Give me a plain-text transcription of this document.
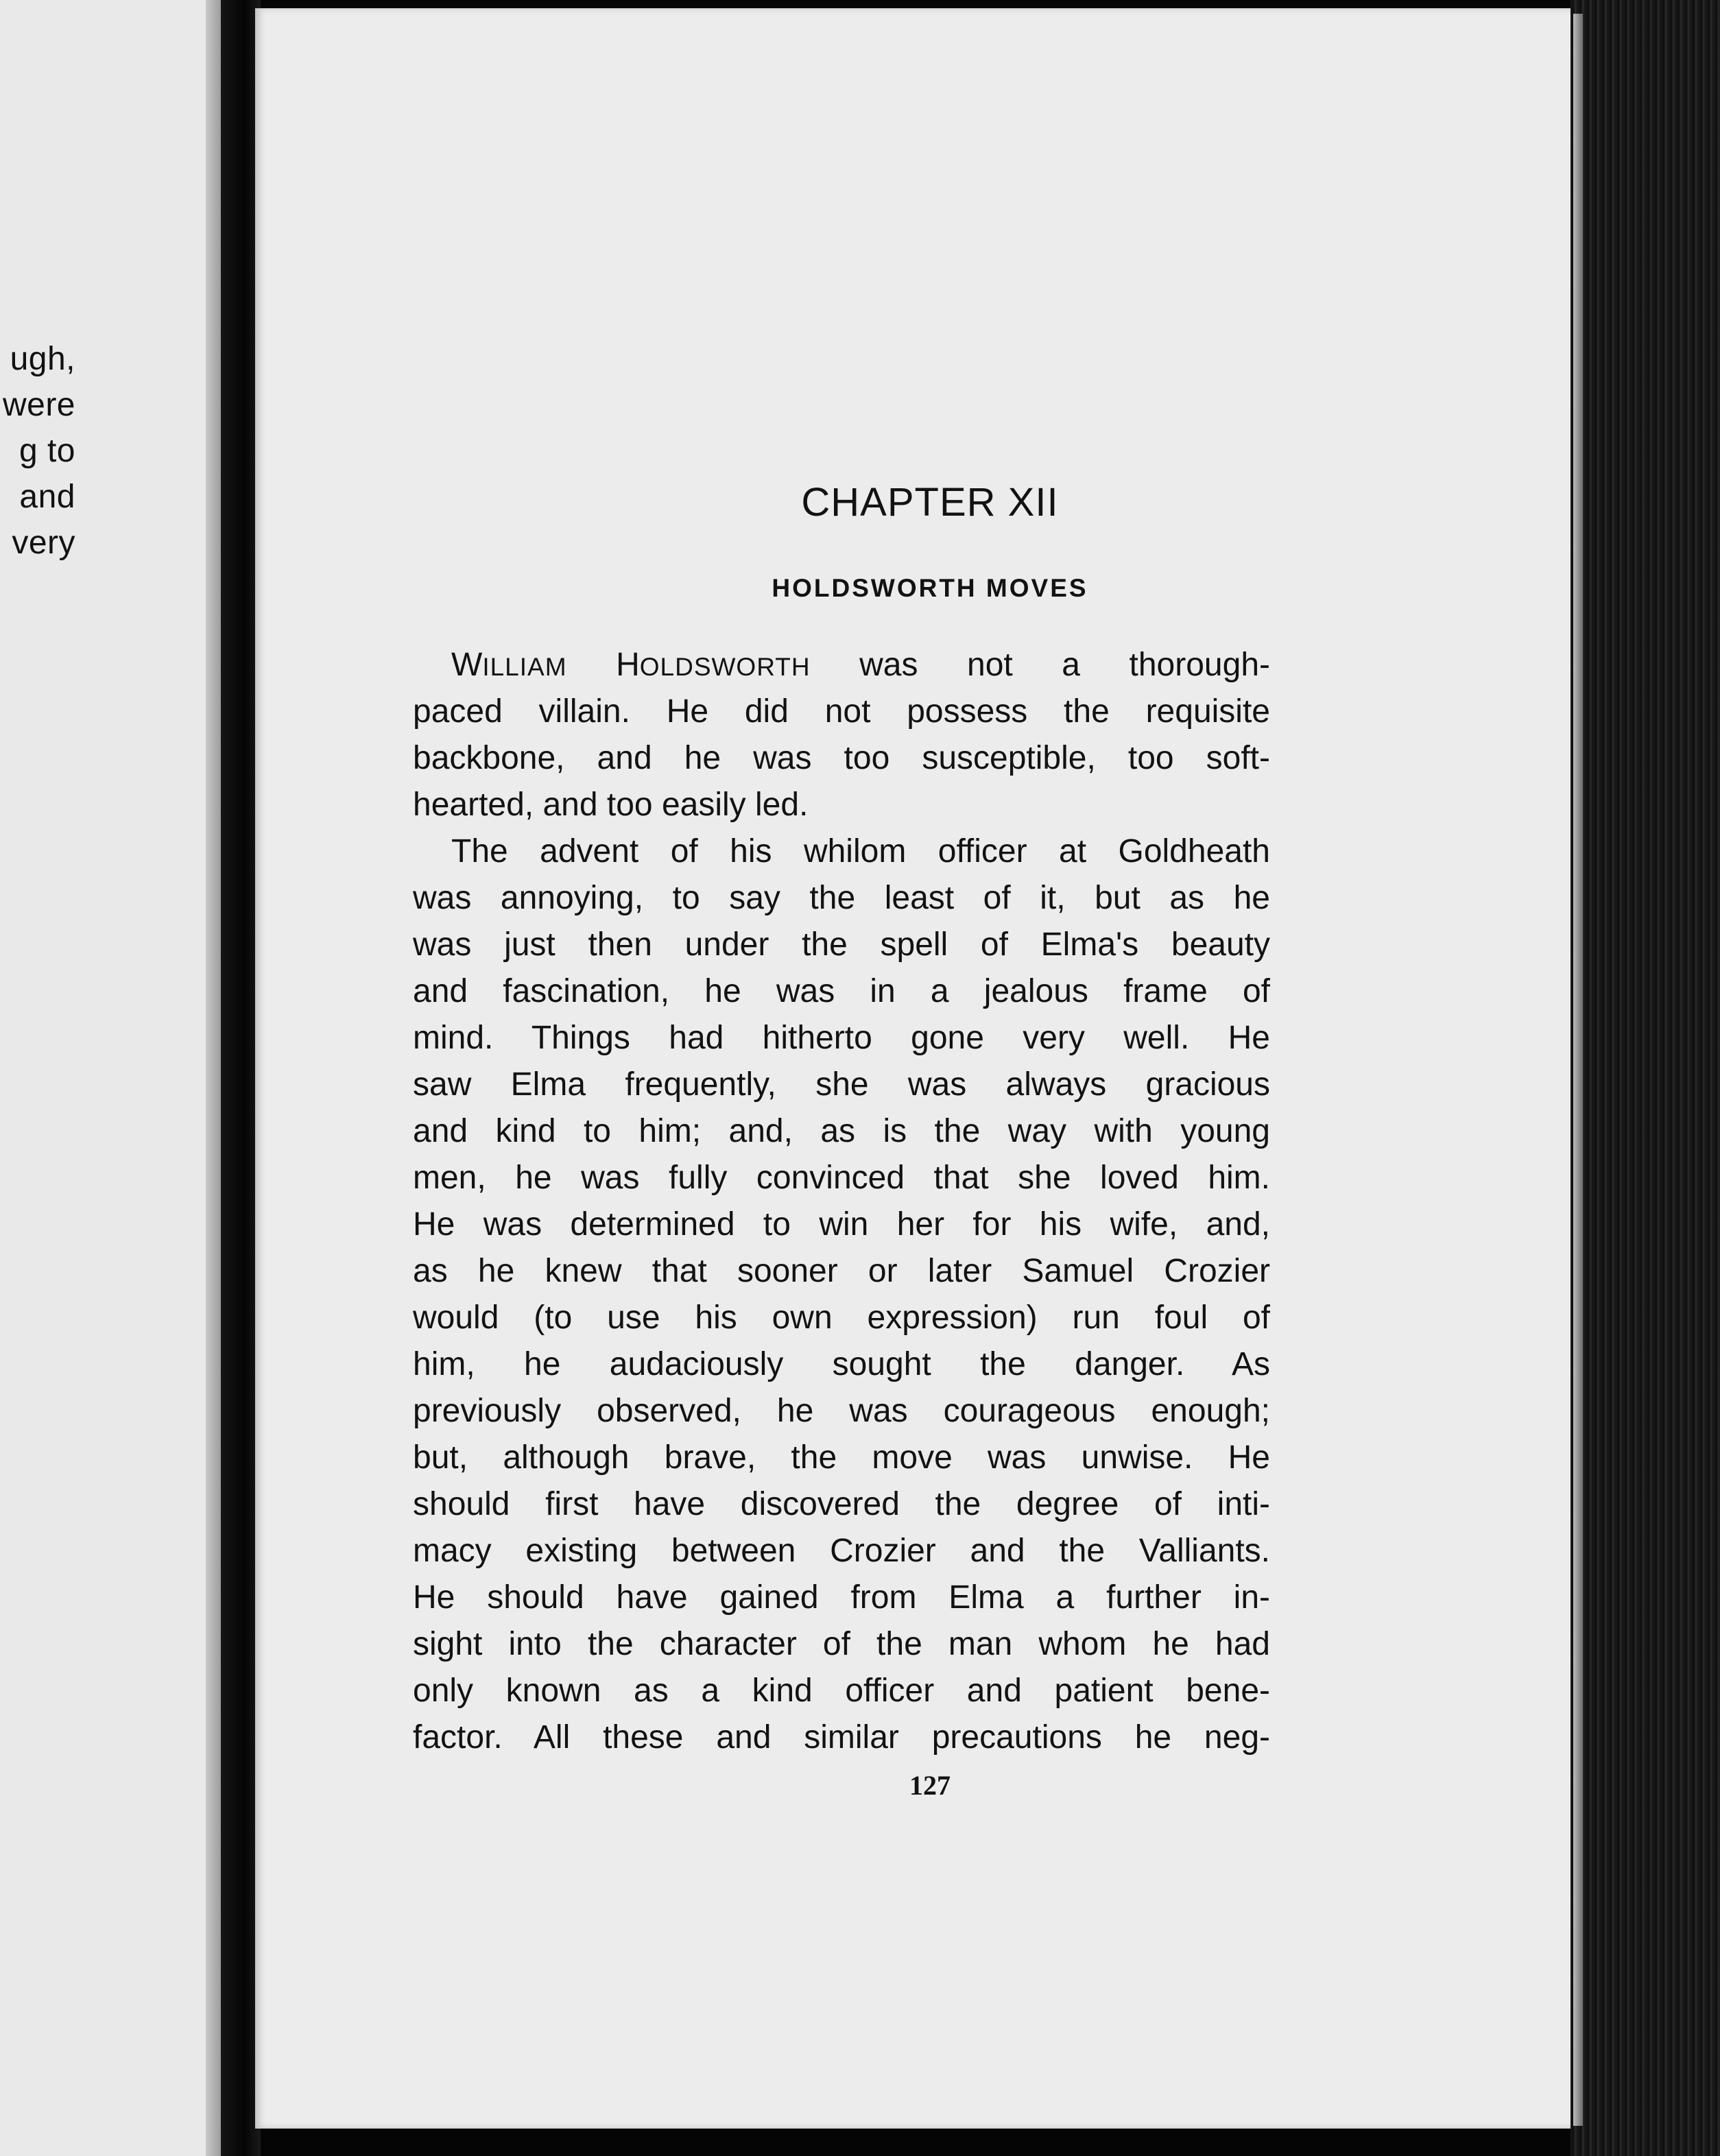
ugh,
were
g to
and
very
CHAPTER XII
HOLDSWORTH MOVES
WILLIAM HOLDSWORTH was not a thorough-
paced villain. He did not possess the requisite
backbone, and he was too susceptible, too soft-
hearted, and too easily led.
The advent of his whilom officer at Goldheath
was annoying, to say the least of it, but as he
was just then under the spell of Elma's beauty
and fascination, he was in a jealous frame of
mind. Things had hitherto gone very well. He
saw Elma frequently, she was always gracious
and kind to him; and, as is the way with young
men, he was fully convinced that she loved him.
He was determined to win her for his wife, and,
as he knew that sooner or later Samuel Crozier
would (to use his own expression) run foul of
him, he audaciously sought the danger. As
previously observed, he was courageous enough;
but, although brave, the move was unwise. He
should first have discovered the degree of inti-
macy existing between Crozier and the Valliants.
He should have gained from Elma a further in-
sight into the character of the man whom he had
only known as a kind officer and patient bene-
factor. All these and similar precautions he neg-
127
